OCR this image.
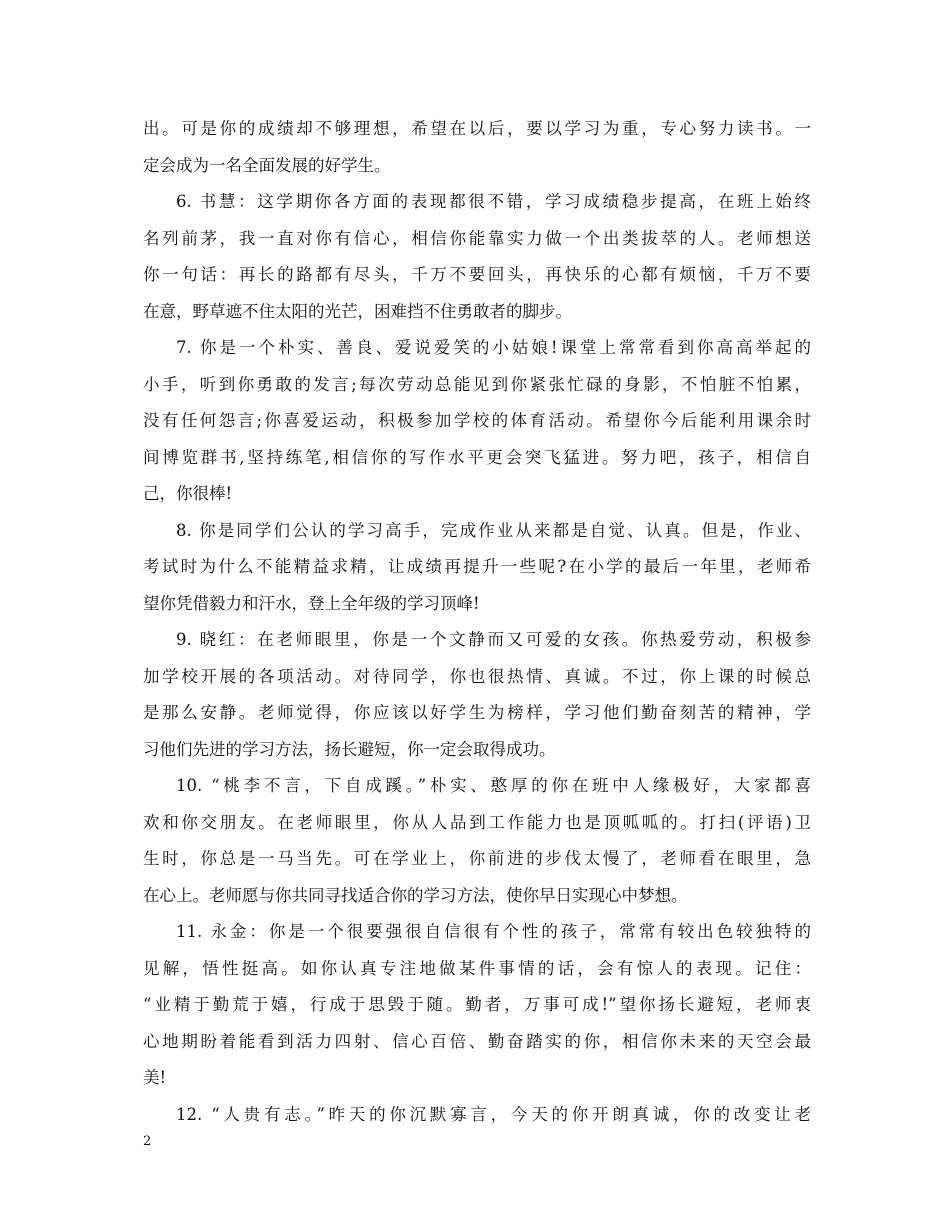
出。可是你的成绩却不够理想，希望在以后，要以学习为重，专心努力读书。一
定会成为一名全面发展的好学生。
6. 书慧：这学期你各方面的表现都很不错，学习成绩稳步提高，在班上始终
名列前茅，我一直对你有信心，相信你能靠实力做一个出类拔萃的人。老师想送
你一句话：再长的路都有尽头，千万不要回头，再快乐的心都有烦恼，千万不要
在意，野草遮不住太阳的光芒，困难挡不住勇敢者的脚步。
7. 你是一个朴实、善良、爱说爱笑的小姑娘!课堂上常常看到你高高举起的
小手，听到你勇敢的发言;每次劳动总能见到你紧张忙碌的身影，不怕脏不怕累，
没有任何怨言;你喜爱运动，积极参加学校的体育活动。希望你今后能利用课余时
间博览群书,坚持练笔,相信你的写作水平更会突飞猛进。努力吧，孩子，相信自
己，你很棒!
8. 你是同学们公认的学习高手，完成作业从来都是自觉、认真。但是，作业、
考试时为什么不能精益求精，让成绩再提升一些呢?在小学的最后一年里，老师希
望你凭借毅力和汗水，登上全年级的学习顶峰!
9. 晓红：在老师眼里，你是一个文静而又可爱的女孩。你热爱劳动，积极参
加学校开展的各项活动。对待同学，你也很热情、真诚。不过，你上课的时候总
是那么安静。老师觉得，你应该以好学生为榜样，学习他们勤奋刻苦的精神，学
习他们先进的学习方法，扬长避短，你一定会取得成功。
10. “桃李不言，下自成蹊。”朴实、憨厚的你在班中人缘极好，大家都喜
欢和你交朋友。在老师眼里，你从人品到工作能力也是顶呱呱的。打扫(评语)卫
生时，你总是一马当先。可在学业上，你前进的步伐太慢了，老师看在眼里，急
在心上。老师愿与你共同寻找适合你的学习方法，使你早日实现心中梦想。
11. 永金：你是一个很要强很自信很有个性的孩子，常常有较出色较独特的
见解，悟性挺高。如你认真专注地做某件事情的话，会有惊人的表现。记住：
“业精于勤荒于嬉，行成于思毁于随。勤者，万事可成!”望你扬长避短，老师衷
心地期盼着能看到活力四射、信心百倍、勤奋踏实的你，相信你未来的天空会最
美!
12. “人贵有志。”昨天的你沉默寡言，今天的你开朗真诚，你的改变让老
2
